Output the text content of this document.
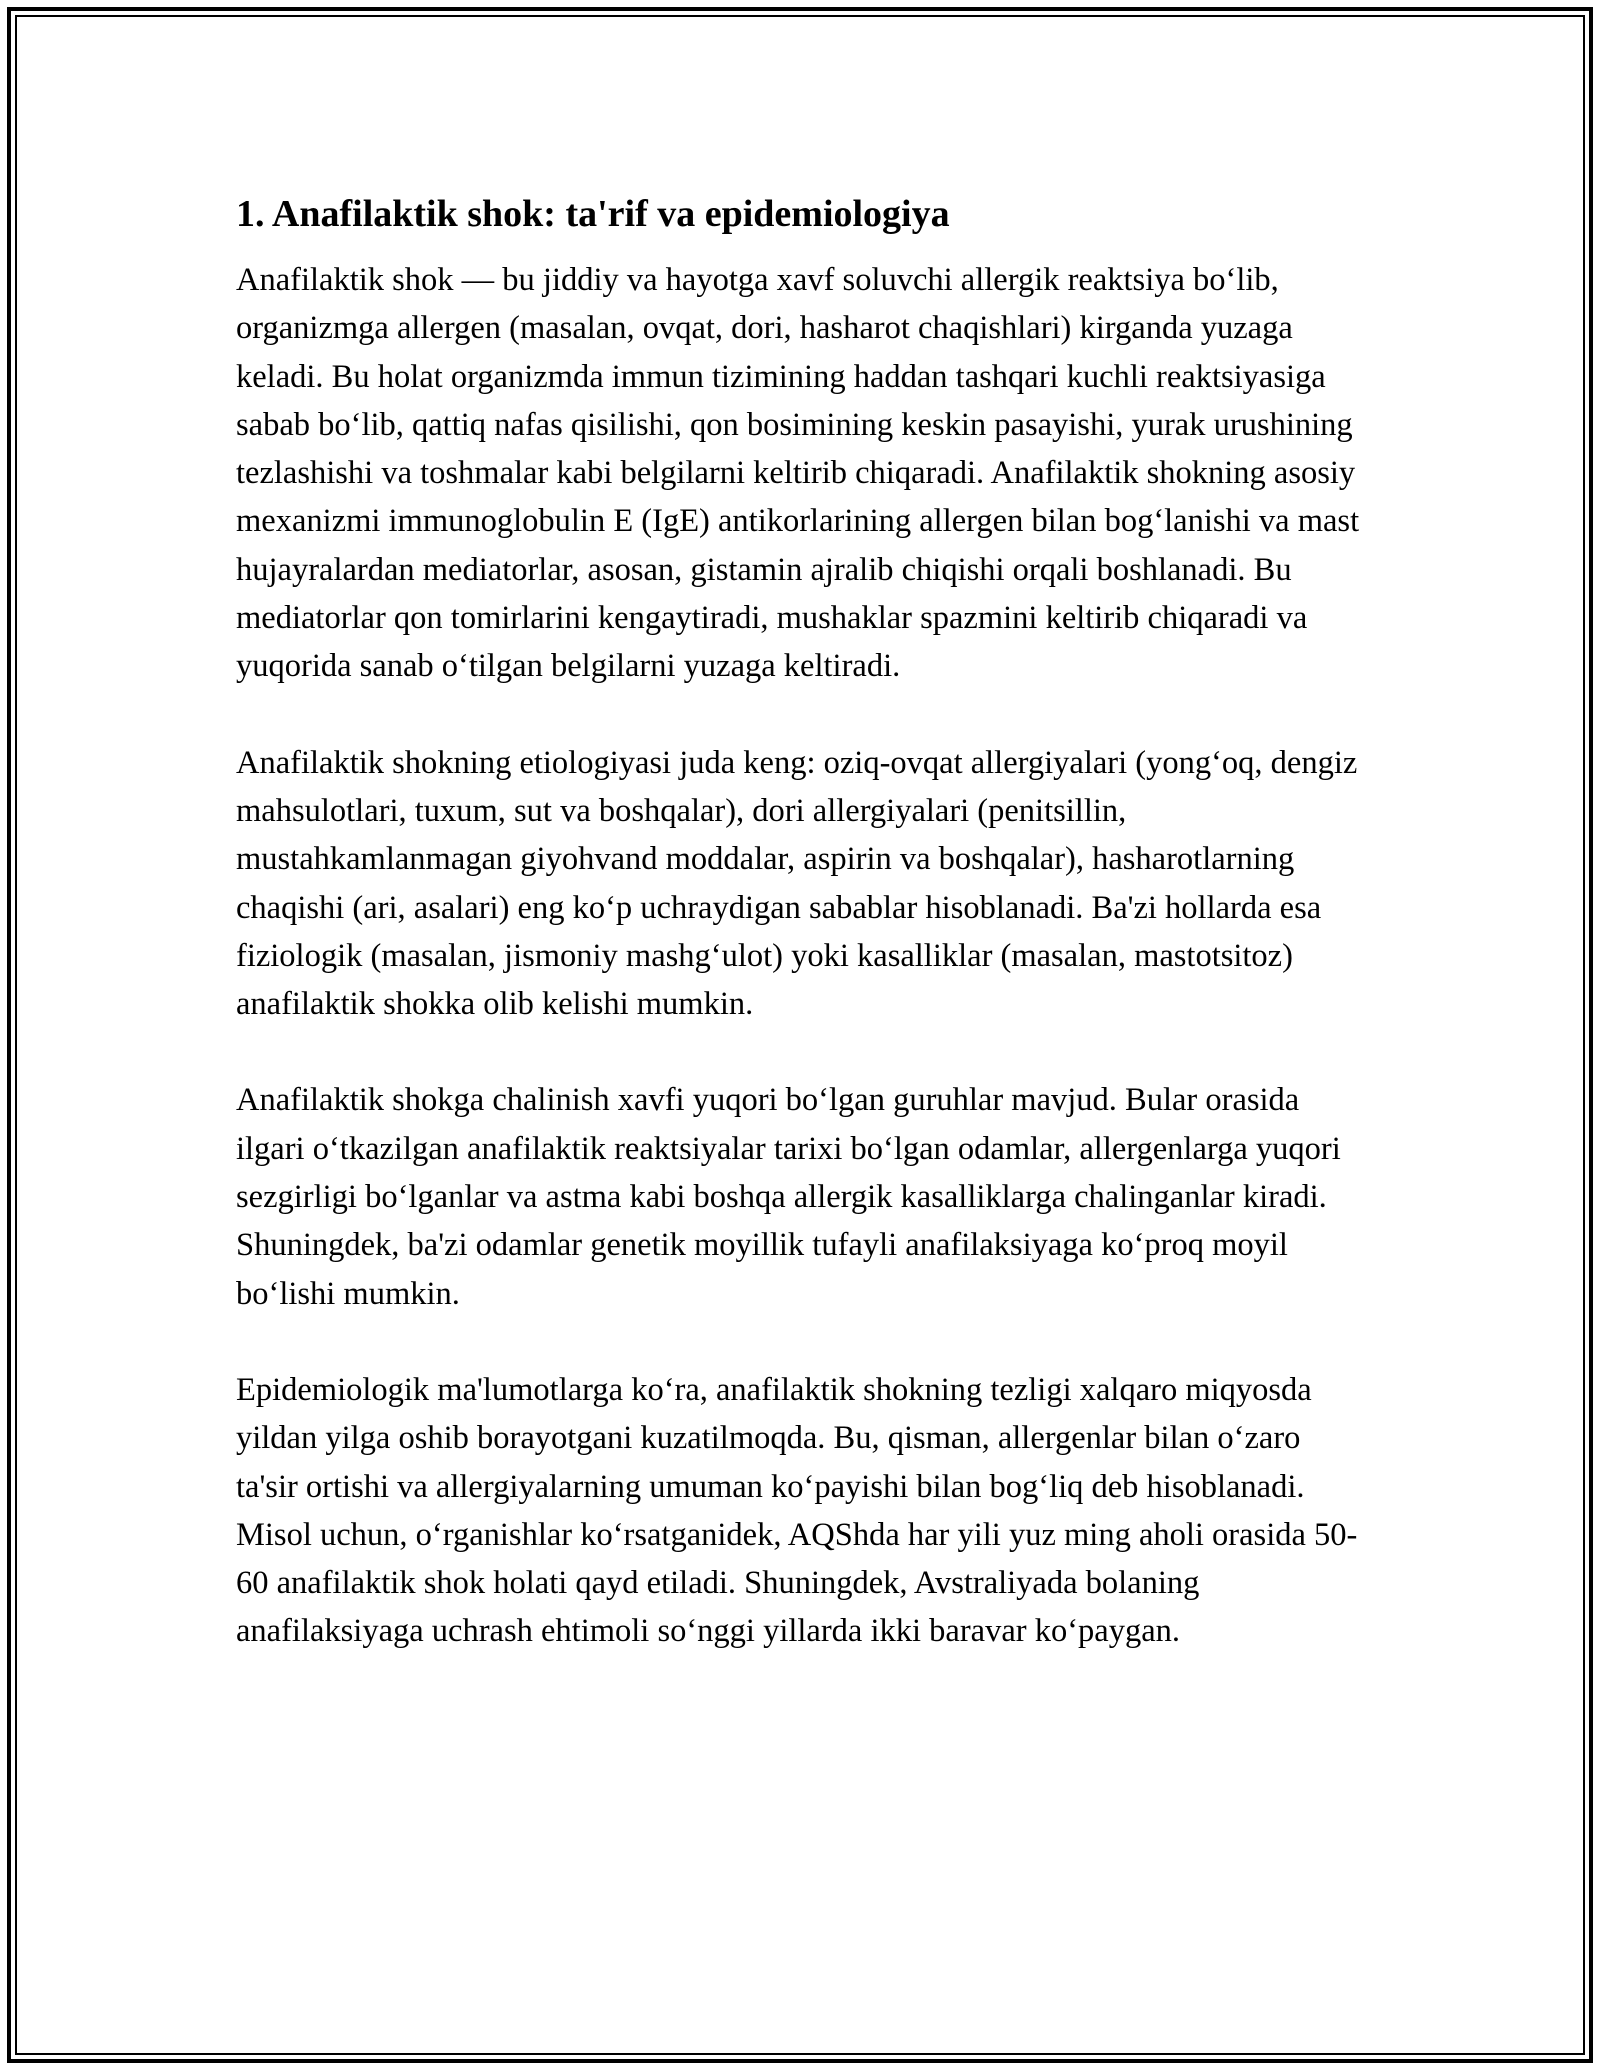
1. Anafilaktik shok: ta'rif va epidemiologiya

Anafilaktik shok — bu jiddiy va hayotga xavf soluvchi allergik reaktsiya bo‘lib, organizmga allergen (masalan, ovqat, dori, hasharot chaqishlari) kirganda yuzaga keladi. Bu holat organizmda immun tizimining haddan tashqari kuchli reaktsiyasiga sabab bo‘lib, qattiq nafas qisilishi, qon bosimining keskin pasayishi, yurak urushining tezlashishi va toshmalar kabi belgilarni keltirib chiqaradi. Anafilaktik shokning asosiy mexanizmi immunoglobulin E (IgE) antikorlarining allergen bilan bog‘lanishi va mast hujayralardan mediatorlar, asosan, gistamin ajralib chiqishi orqali boshlanadi. Bu mediatorlar qon tomirlarini kengaytiradi, mushaklar spazmini keltirib chiqaradi va yuqorida sanab o‘tilgan belgilarni yuzaga keltiradi.

Anafilaktik shokning etiologiyasi juda keng: oziq-ovqat allergiyalari (yong‘oq, dengiz mahsulotlari, tuxum, sut va boshqalar), dori allergiyalari (penitsillin, mustahkamlanmagan giyohvand moddalar, aspirin va boshqalar), hasharotlarning chaqishi (ari, asalari) eng ko‘p uchraydigan sabablar hisoblanadi. Ba'zi hollarda esa fiziologik (masalan, jismoniy mashg‘ulot) yoki kasalliklar (masalan, mastotsitoz) anafilaktik shokka olib kelishi mumkin.

Anafilaktik shokga chalinish xavfi yuqori bo‘lgan guruhlar mavjud. Bular orasida ilgari o‘tkazilgan anafilaktik reaktsiyalar tarixi bo‘lgan odamlar, allergenlarga yuqori sezgirligi bo‘lganlar va astma kabi boshqa allergik kasalliklarga chalinganlar kiradi. Shuningdek, ba'zi odamlar genetik moyillik tufayli anafilaksiyaga ko‘proq moyil bo‘lishi mumkin.

Epidemiologik ma'lumotlarga ko‘ra, anafilaktik shokning tezligi xalqaro miqyosda yildan yilga oshib borayotgani kuzatilmoqda. Bu, qisman, allergenlar bilan o‘zaro ta'sir ortishi va allergiyalarning umuman ko‘payishi bilan bog‘liq deb hisoblanadi. Misol uchun, o‘rganishlar ko‘rsatganidek, AQShda har yili yuz ming aholi orasida 50-60 anafilaktik shok holati qayd etiladi. Shuningdek, Avstraliyada bolaning anafilaksiyaga uchrash ehtimoli so‘nggi yillarda ikki baravar ko‘paygan.
